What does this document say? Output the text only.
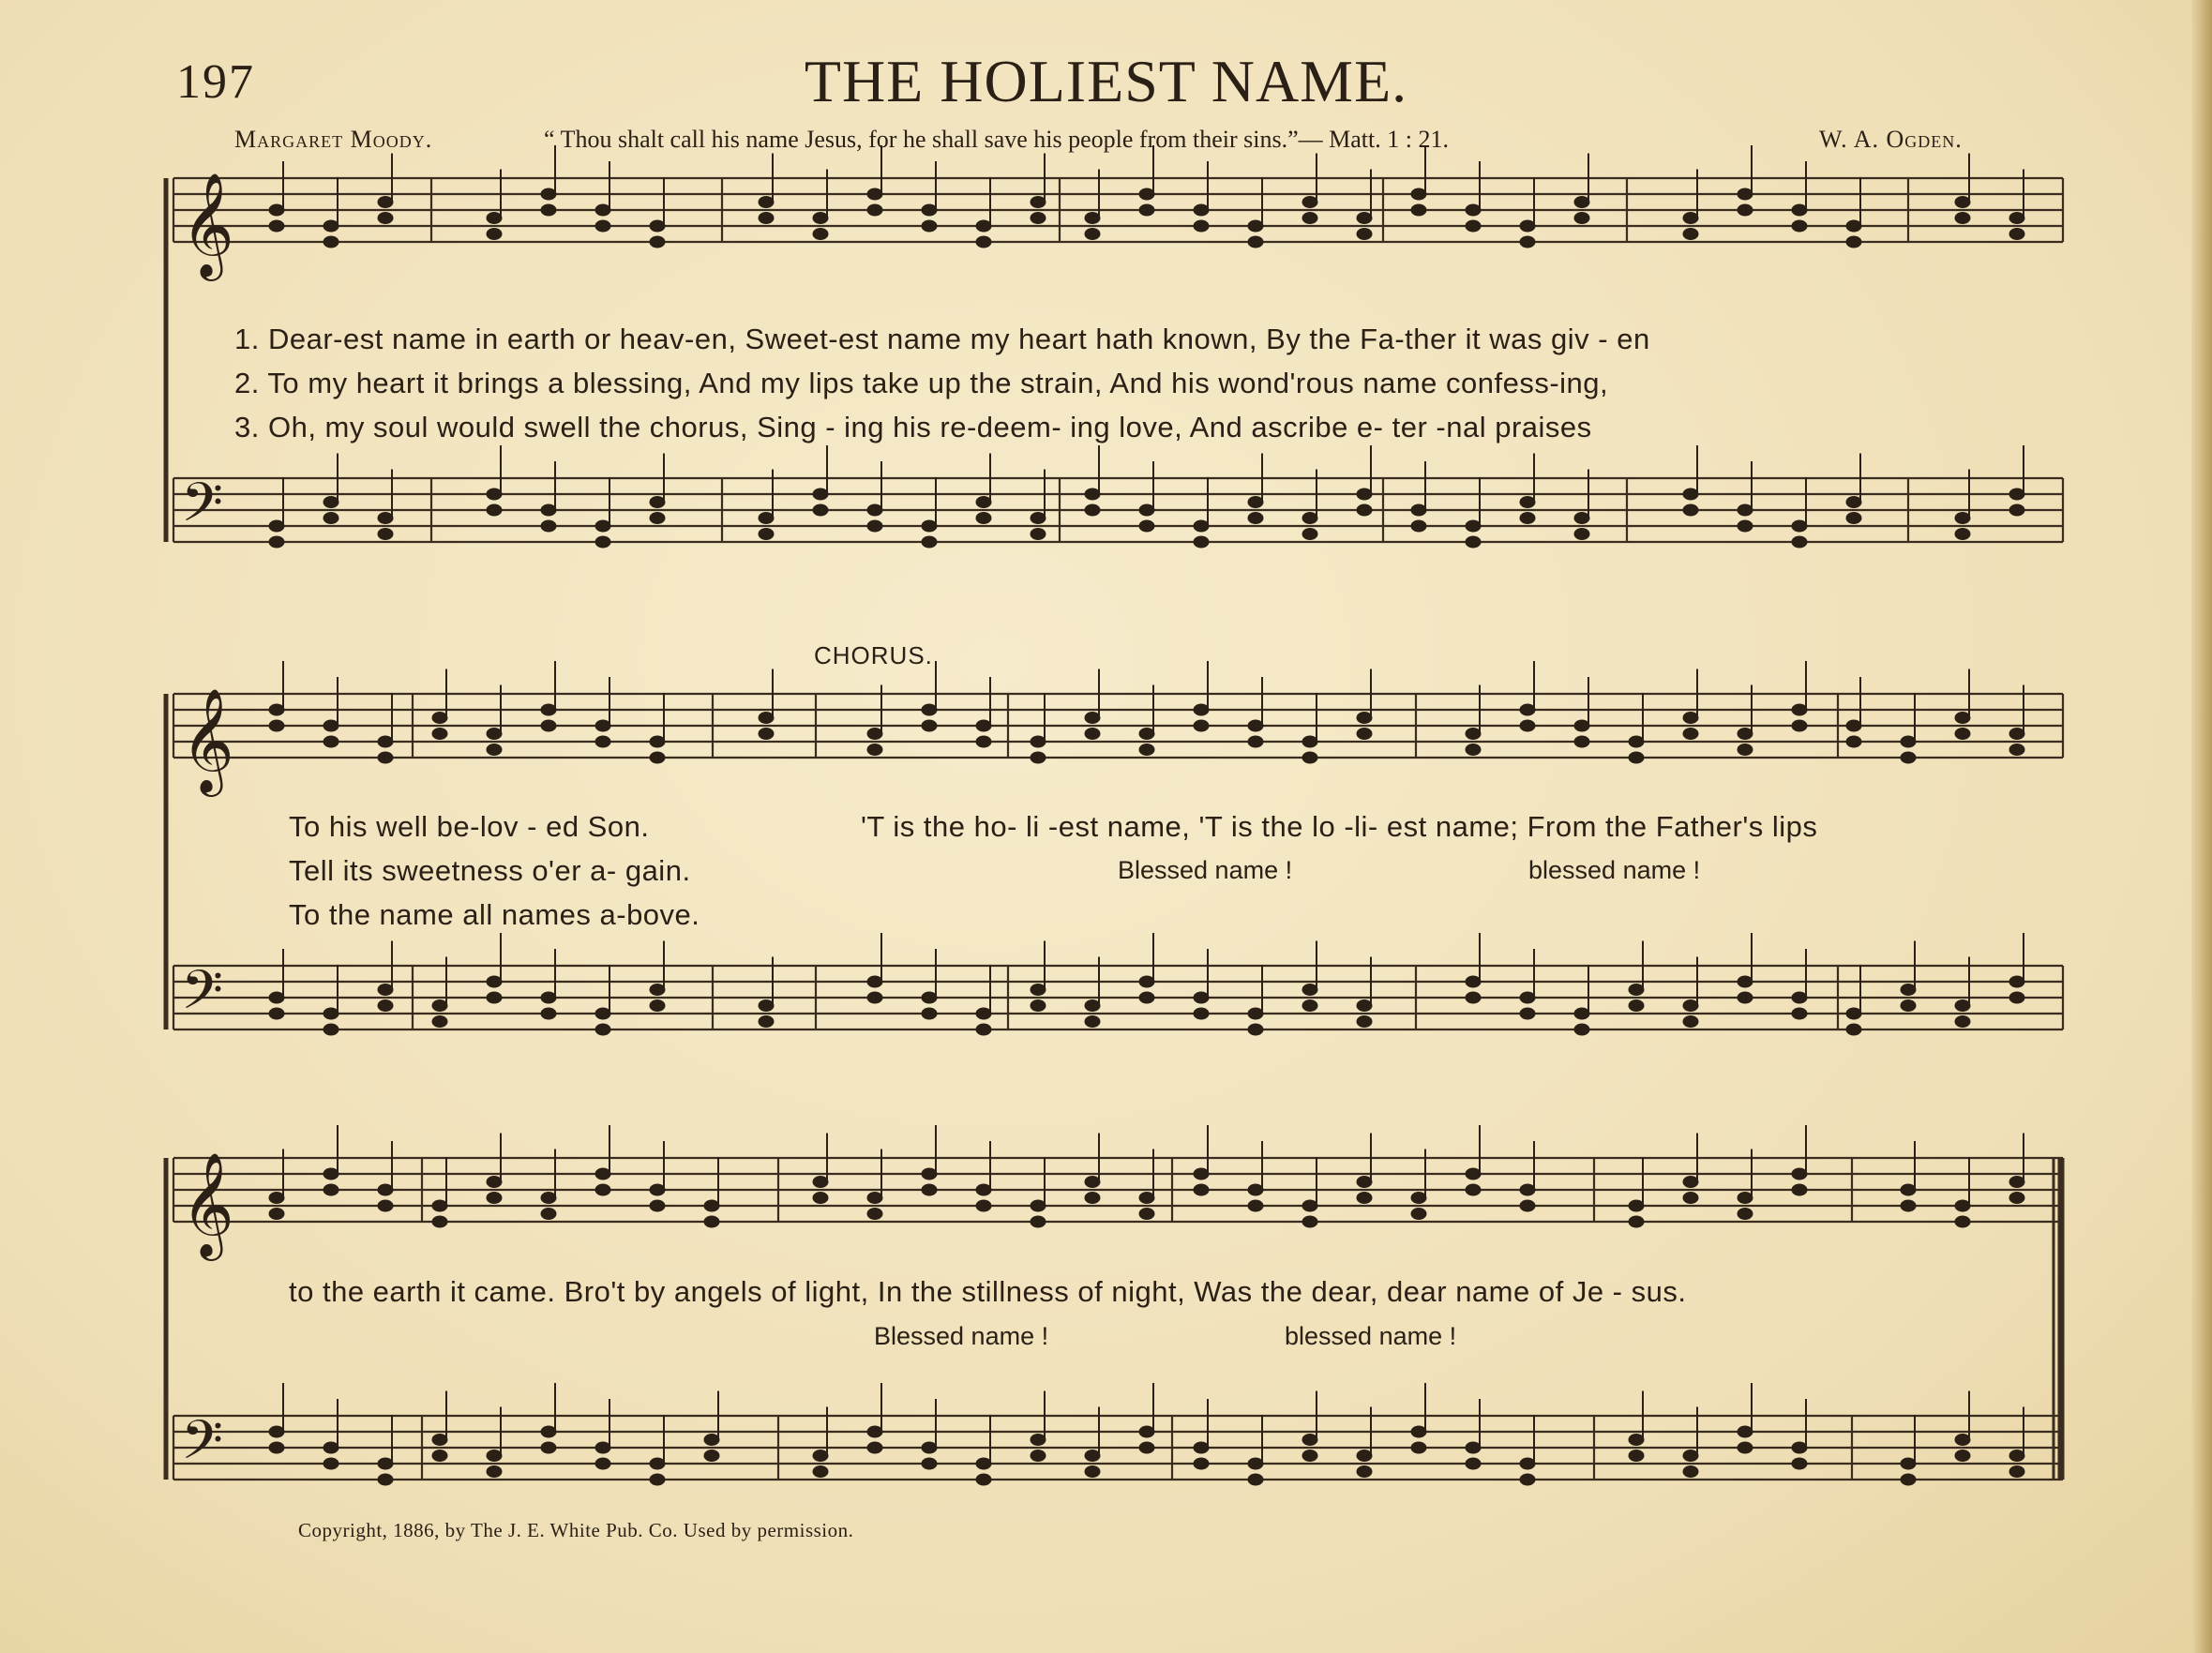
197	THE HOLIEST NAME.
Margaret Moody.	“ Thou shalt call his name Jesus, for he shall save his people from their sins.”— Matt. 1 : 21.	W. A. Ogden.
𝄞
𝄢
𝄞
𝄢
𝄞
𝄢
1. Dear-est name in earth or heav-en, Sweet-est name my heart hath known, By the Fa-ther it was giv - en
2. To my heart it brings a blessing, And my lips take up the strain, And his wond'rous name confess-ing,
3. Oh, my soul would swell the chorus, Sing - ing his re-deem- ing love, And ascribe e- ter -nal praises
CHORUS.
To his well be-lov - ed Son.
Tell its sweetness o'er a- gain.
To the name all names a-bove.
'T is the ho- li -est name, 'T is the lo -li- est name; From the Father's lips
Blessed name !	blessed name !
to the earth it came. Bro't by angels of light, In the stillness of night, Was the dear, dear name of Je - sus.
Blessed name !	blessed name !
Copyright, 1886, by The J. E. White Pub. Co. Used by permission.
